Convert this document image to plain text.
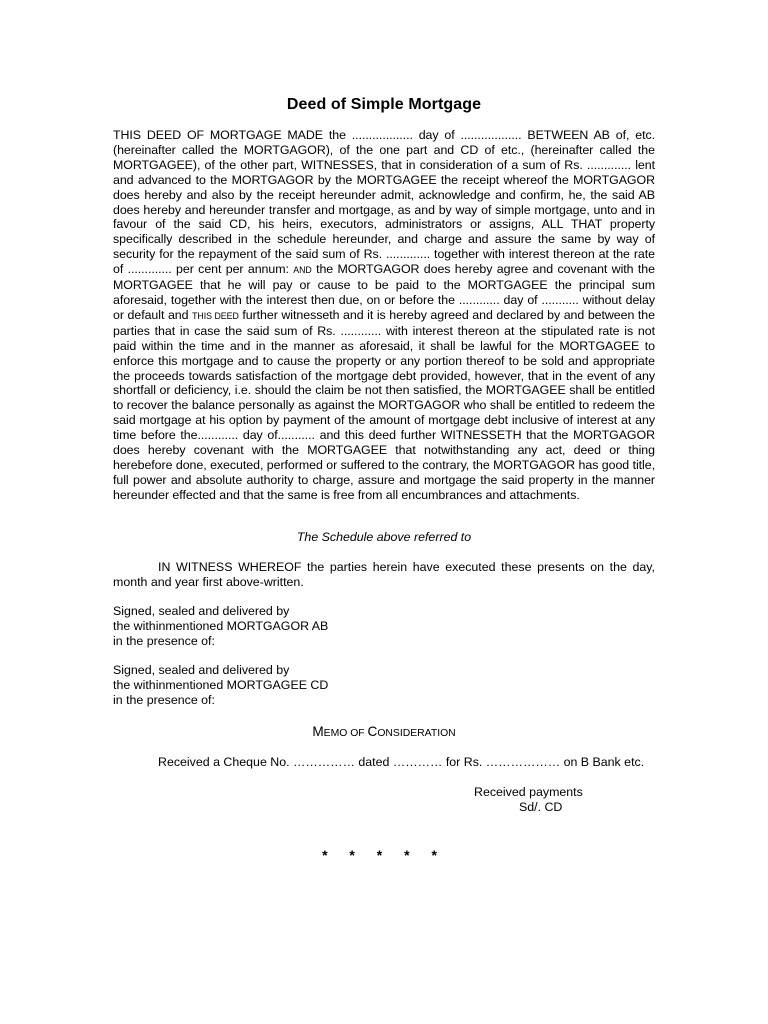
Deed of Simple Mortgage

THIS DEED OF MORTGAGE MADE the .................. day of .................. BETWEEN AB of, etc. (hereinafter called the MORTGAGOR), of the one part and CD of etc., (hereinafter called the MORTGAGEE), of the other part, WITNESSES, that in consideration of a sum of Rs. ............. lent and advanced to the MORTGAGOR by the MORTGAGEE the receipt whereof the MORTGAGOR does hereby and also by the receipt hereunder admit, acknowledge and confirm, he, the said AB does hereby and hereunder transfer and mortgage, as and by way of simple mortgage, unto and in favour of the said CD, his heirs, executors, administrators or assigns, ALL THAT property specifically described in the schedule hereunder, and charge and assure the same by way of security for the repayment of the said sum of Rs. ............. together with interest thereon at the rate of ............. per cent per annum: AND the MORTGAGOR does hereby agree and covenant with the MORTGAGEE that he will pay or cause to be paid to the MORTGAGEE the principal sum aforesaid, together with the interest then due, on or before the ............ day of ........... without delay or default and THIS DEED further witnesseth and it is hereby agreed and declared by and between the parties that in case the said sum of Rs. ............ with interest thereon at the stipulated rate is not paid within the time and in the manner as aforesaid, it shall be lawful for the MORTGAGEE to enforce this mortgage and to cause the property or any portion thereof to be sold and appropriate the proceeds towards satisfaction of the mortgage debt provided, however, that in the event of any shortfall or deficiency, i.e. should the claim be not then satisfied, the MORTGAGEE shall be entitled to recover the balance personally as against the MORTGAGOR who shall be entitled to redeem the said mortgage at his option by payment of the amount of mortgage debt inclusive of interest at any time before the............ day of........... and this deed further WITNESSETH that the MORTGAGOR does hereby covenant with the MORTGAGEE that notwithstanding any act, deed or thing herebefore done, executed, performed or suffered to the contrary, the MORTGAGOR has good title, full power and absolute authority to charge, assure and mortgage the said property in the manner hereunder effected and that the same is free from all encumbrances and attachments.

The Schedule above referred to

IN WITNESS WHEREOF the parties herein have executed these presents on the day, month and year first above-written.

Signed, sealed and delivered by
the withinmentioned MORTGAGOR AB
in the presence of:
Signed, sealed and delivered by
the withinmentioned MORTGAGEE CD
in the presence of:
MEMO OF CONSIDERATION
Received a Cheque No. …………… dated ………… for Rs. ……………… on B Bank etc.
Received payments
Sd/. CD
* * * * *
